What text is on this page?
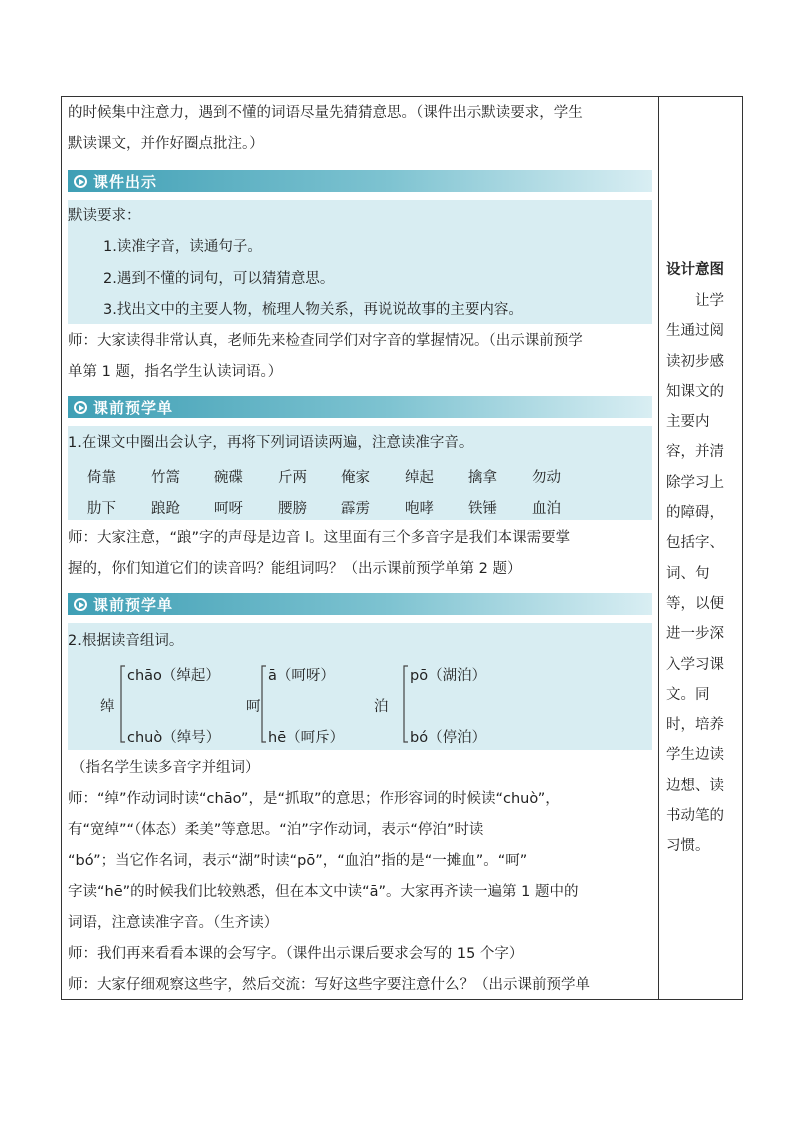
的时候集中注意力，遇到不懂的词语尽量先猜猜意思。（课件出示默读要求，学生
默读课文，并作好圈点批注。）
课件出示
默读要求：
1.读准字音，读通句子。
2.遇到不懂的词句，可以猜猜意思。
3.找出文中的主要人物，梳理人物关系，再说说故事的主要内容。
师：大家读得非常认真，老师先来检查同学们对字音的掌握情况。（出示课前预学
单第 1 题，指名学生认读词语。）
课前预学单
1.在课文中圈出会认字，再将下列词语读两遍，注意读准字音。
倚靠 竹篙 碗碟 斤两 俺家 绰起 擒拿 勿动
肋下 踉跄 呵呀 腰膀 霹雳 咆哮 铁锤 血泊
师：大家注意，“踉”字的声母是边音 l。这里面有三个多音字是我们本课需要掌
握的，你们知道它们的读音吗？能组词吗？（出示课前预学单第 2 题）
课前预学单
2.根据读音组词。
绰
chāo（绰起）
chuò（绰号）
呵
ā（呵呀）
hē（呵斥）
泊
pō（湖泊）
bó（停泊）
（指名学生读多音字并组词）
师：“绰”作动词时读“chāo”，是“抓取”的意思；作形容词的时候读“chuò”，
有“宽绰”“（体态）柔美”等意思。“泊”字作动词，表示“停泊”时读
“bó”；当它作名词，表示“湖”时读“pō”，“血泊”指的是“一摊血”。“呵”
字读“hē”的时候我们比较熟悉，但在本文中读“ā”。大家再齐读一遍第 1 题中的
词语，注意读准字音。（生齐读）
师：我们再来看看本课的会写字。（课件出示课后要求会写的 15 个字）
师：大家仔细观察这些字，然后交流：写好这些字要注意什么？（出示课前预学单
设计意图
　　让学生通过阅读初步感知课文的主要内容，并清除学习上的障碍，包括字、词、句等，以便进一步深入学习课文。同时，培养学生边读边想、读书动笔的习惯。
